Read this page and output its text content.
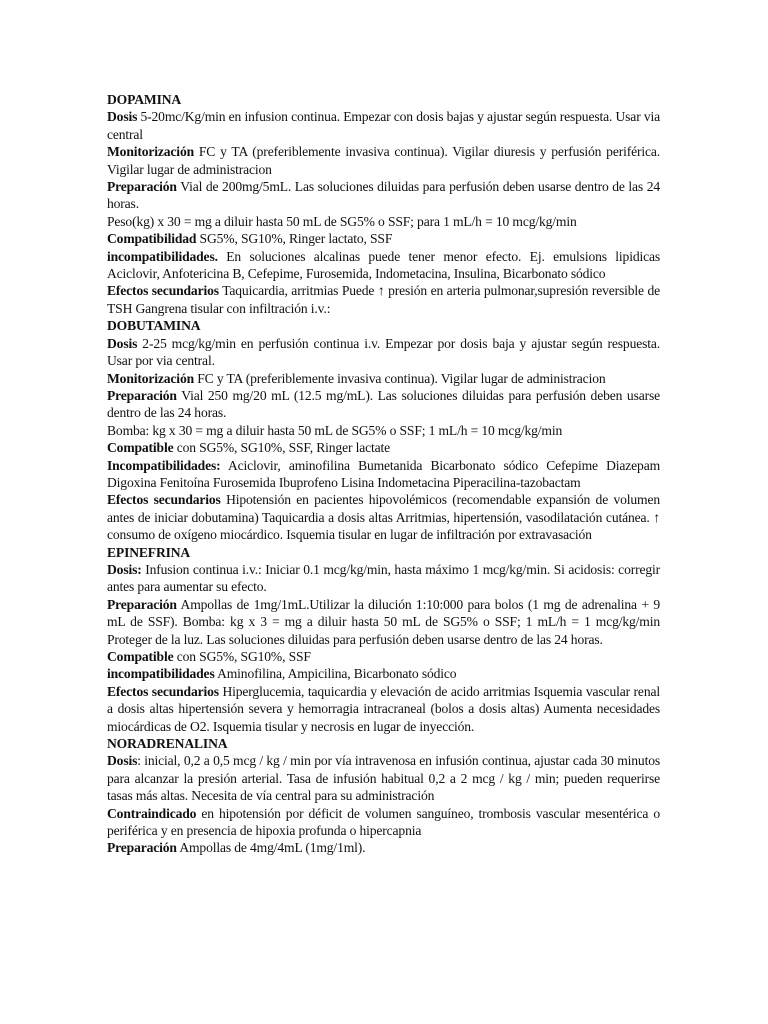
DOPAMINA

Dosis 5-20mc/Kg/min en infusion continua. Empezar con dosis bajas y ajustar según respuesta. Usar via central

Monitorización FC y TA (preferiblemente invasiva continua). Vigilar diuresis y perfusión periférica. Vigilar lugar de administracion

Preparación Vial de 200mg/5mL. Las soluciones diluidas para perfusión deben usarse dentro de las 24 horas.

Peso(kg) x 30 = mg a diluir hasta 50 mL de SG5% o SSF; para 1 mL/h = 10 mcg/kg/min

Compatibilidad SG5%, SG10%, Ringer lactato, SSF

incompatibilidades. En soluciones alcalinas puede tener menor efecto. Ej. emulsions lipidicas Aciclovir, Anfotericina B, Cefepime, Furosemida, Indometacina, Insulina, Bicarbonato sódico

Efectos secundarios Taquicardia, arritmias Puede ↑ presión en arteria pulmonar,supresión reversible de TSH Gangrena tisular con infiltración i.v.:

DOBUTAMINA

Dosis 2-25 mcg/kg/min en perfusión continua i.v. Empezar por dosis baja y ajustar según respuesta. Usar por via central.

Monitorización FC y TA (preferiblemente invasiva continua). Vigilar lugar de administracion

Preparación Vial 250 mg/20 mL (12.5 mg/mL). Las soluciones diluidas para perfusión deben usarse dentro de las 24 horas.

Bomba: kg x 30 = mg a diluir hasta 50 mL de SG5% o SSF; 1 mL/h = 10 mcg/kg/min

Compatible con SG5%, SG10%, SSF, Ringer lactate

Incompatibilidades: Aciclovir, aminofilina Bumetanida Bicarbonato sódico Cefepime Diazepam Digoxina Fenitoína Furosemida Ibuprofeno Lisina Indometacina Piperacilina-tazobactam

Efectos secundarios Hipotensión en pacientes hipovolémicos (recomendable expansión de volumen antes de iniciar dobutamina) Taquicardia a dosis altas Arritmias, hipertensión, vasodilatación cutánea. ↑ consumo de oxígeno miocárdico. Isquemia tisular en lugar de infiltración por extravasación

EPINEFRINA

Dosis: Infusion continua i.v.: Iniciar 0.1 mcg/kg/min, hasta máximo 1 mcg/kg/min. Si acidosis: corregir antes para aumentar su efecto.

Preparación Ampollas de 1mg/1mL.Utilizar la dilución 1:10:000 para bolos (1 mg de adrenalina + 9 mL de SSF). Bomba: kg x 3 = mg a diluir hasta 50 mL de SG5% o SSF; 1 mL/h = 1 mcg/kg/min Proteger de la luz. Las soluciones diluidas para perfusión deben usarse dentro de las 24 horas.

Compatible con SG5%, SG10%, SSF

incompatibilidades Aminofilina, Ampicilina, Bicarbonato sódico

Efectos secundarios Hiperglucemia, taquicardia y elevación de acido arritmias Isquemia vascular renal a dosis altas hipertensión severa y hemorragia intracraneal (bolos a dosis altas) Aumenta necesidades miocárdicas de O2. Isquemia tisular y necrosis en lugar de inyección.

NORADRENALINA

Dosis: inicial, 0,2 a 0,5 mcg / kg / min por vía intravenosa en infusión continua, ajustar cada 30 minutos para alcanzar la presión arterial. Tasa de infusión habitual 0,2 a 2 mcg / kg / min; pueden requerirse tasas más altas. Necesita de vía central para su administración

Contraindicado en hipotensión por déficit de volumen sanguíneo, trombosis vascular mesentérica o periférica y en presencia de hipoxia profunda o hipercapnia

Preparación Ampollas de 4mg/4mL (1mg/1ml).
